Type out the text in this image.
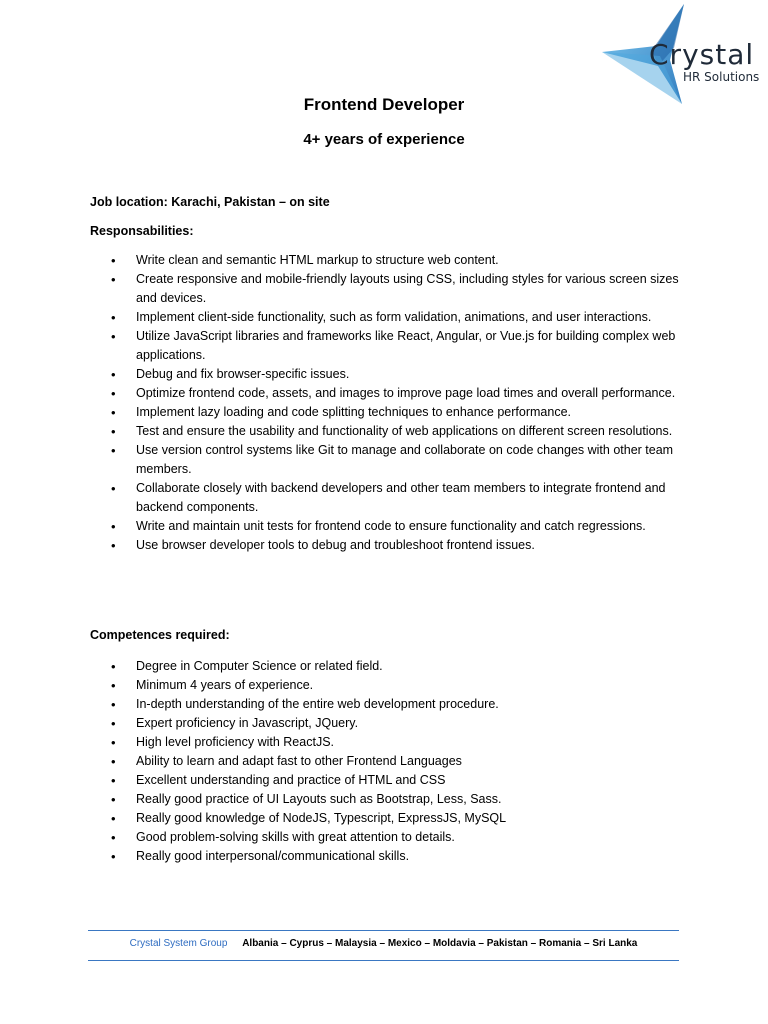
Crystal
HR Solutions
Frontend Developer
4+ years of experience

Job location: Karachi, Pakistan – on site

Responsabilities:

• Write clean and semantic HTML markup to structure web content.
• Create responsive and mobile-friendly layouts using CSS, including styles for various screen sizes and devices.
• Implement client-side functionality, such as form validation, animations, and user interactions.
• Utilize JavaScript libraries and frameworks like React, Angular, or Vue.js for building complex web applications.
• Debug and fix browser-specific issues.
• Optimize frontend code, assets, and images to improve page load times and overall performance.
• Implement lazy loading and code splitting techniques to enhance performance.
• Test and ensure the usability and functionality of web applications on different screen resolutions.
• Use version control systems like Git to manage and collaborate on code changes with other team members.
• Collaborate closely with backend developers and other team members to integrate frontend and backend components.
• Write and maintain unit tests for frontend code to ensure functionality and catch regressions.
• Use browser developer tools to debug and troubleshoot frontend issues.

Competences required:

• Degree in Computer Science or related field.
• Minimum 4 years of experience.
• In-depth understanding of the entire web development procedure.
• Expert proficiency in Javascript, JQuery.
• High level proficiency with ReactJS.
• Ability to learn and adapt fast to other Frontend Languages
• Excellent understanding and practice of HTML and CSS
• Really good practice of UI Layouts such as Bootstrap, Less, Sass.
• Really good knowledge of NodeJS, Typescript, ExpressJS, MySQL
• Good problem-solving skills with great attention to details.
• Really good interpersonal/communicational skills.
Crystal System Group Albania – Cyprus – Malaysia – Mexico – Moldavia – Pakistan – Romania – Sri Lanka
